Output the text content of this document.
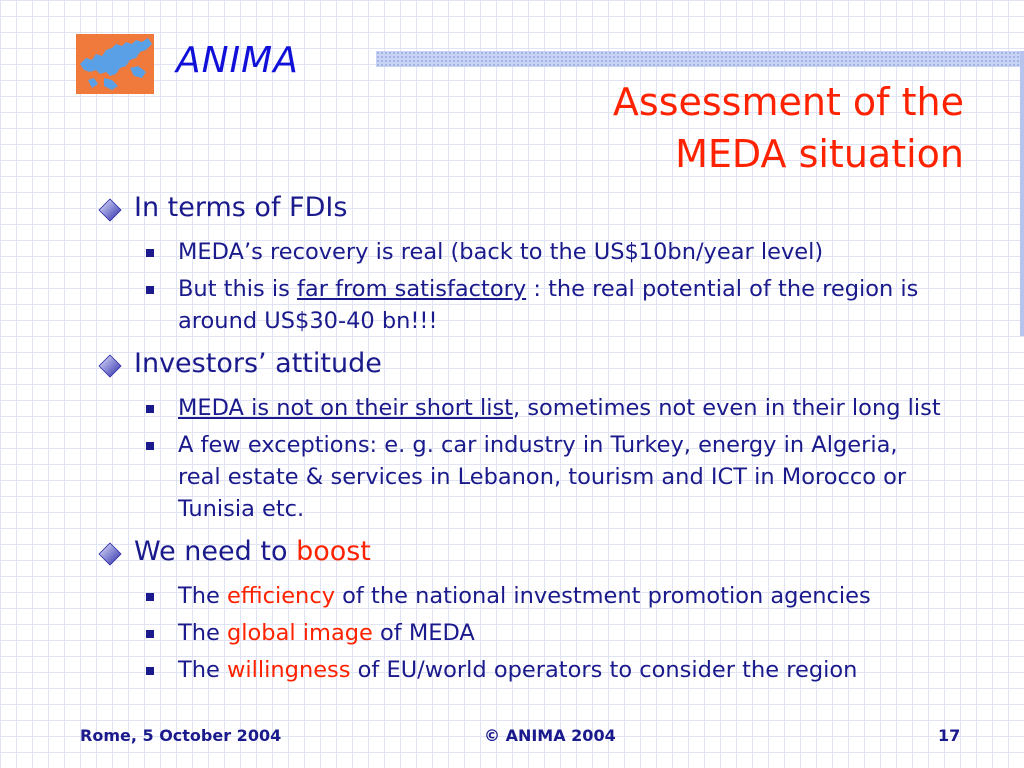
ANIMA
Assessment of the
MEDA situation
In terms of FDIs
MEDA’s recovery is real (back to the US$10bn/year level)
But this is far from satisfactory : the real potential of the region is around US$30-40 bn!!!
Investors’ attitude
MEDA is not on their short list, sometimes not even in their long list
A few exceptions: e. g. car industry in Turkey, energy in Algeria, real estate & services in Lebanon, tourism and ICT in Morocco or Tunisia etc.
We need to boost
The efficiency of the national investment promotion agencies
The global image of MEDA
The willingness of EU/world operators to consider the region
Rome, 5 October 2004	© ANIMA 2004	17
